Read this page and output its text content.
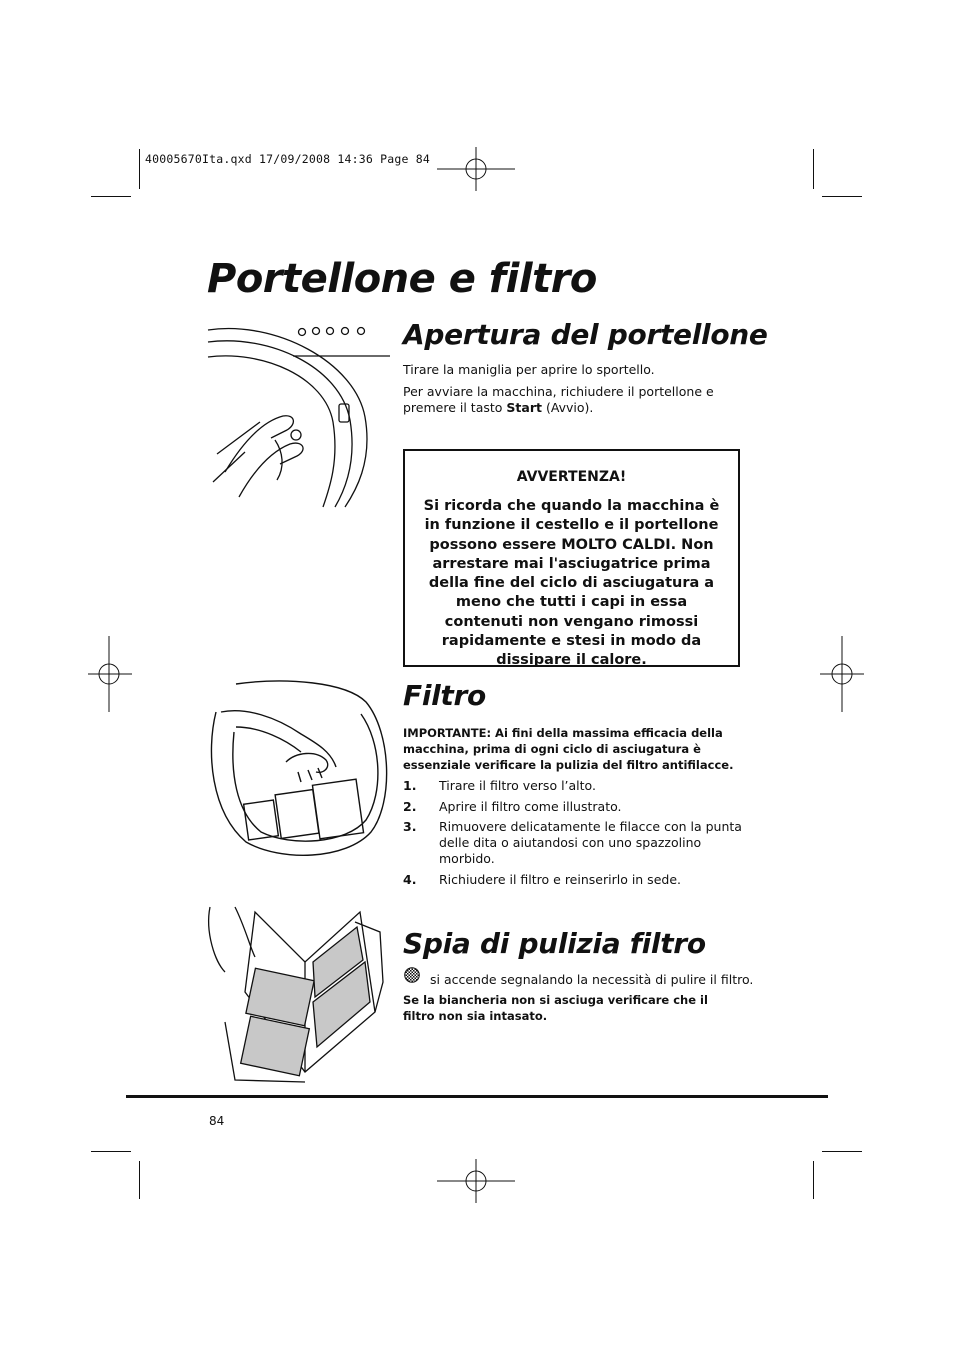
40005670Ita.qxd 17/09/2008 14:36 Page 84
Portellone e filtro
Apertura del portellone

Tirare la maniglia per aprire lo sportello.

Per avviare la macchina, richiudere il portellone e premere il tasto Start (Avvio).

AVVERTENZA!
Si ricorda che quando la macchina è in funzione il cestello e il portellone possono essere MOLTO CALDI. Non arrestare mai l'asciugatrice prima della fine del ciclo di asciugatura a meno che tutti i capi in essa contenuti non vengano rimossi rapidamente e stesi in modo da dissipare il calore.
Filtro

IMPORTANTE: Ai fini della massima efficacia della macchina, prima di ogni ciclo di asciugatura è essenziale verificare la pulizia del filtro antifilacce.

1.	Tirare il filtro verso l’alto.
2.	Aprire il filtro come illustrato.
3.	Rimuovere delicatamente le filacce con la punta delle dita o aiutandosi con uno spazzolino morbido.
4.	Richiudere il filtro e reinserirlo in sede.
Spia di pulizia filtro

si accende segnalando la necessità di pulire il filtro.

Se la biancheria non si asciuga verificare che il filtro non sia intasato.

84
